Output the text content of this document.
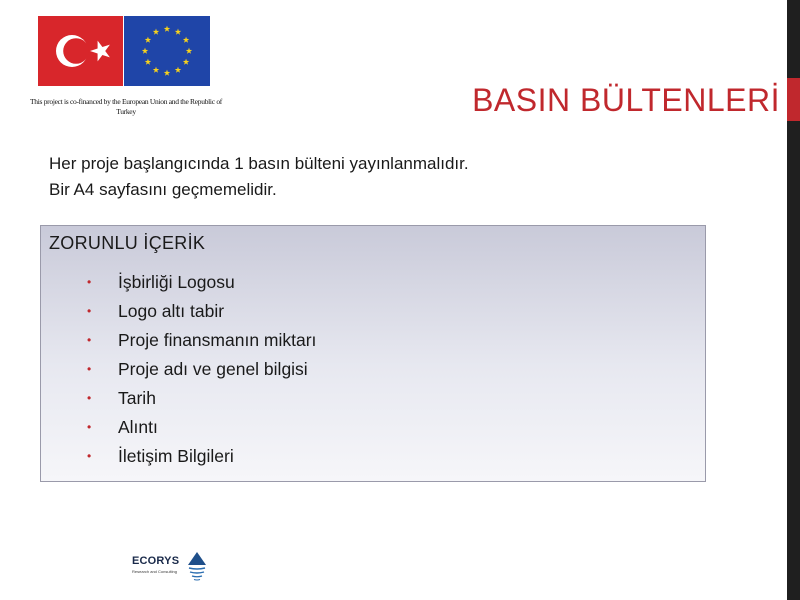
This project is co-financed by the European Union and the Republic of Turkey	BASIN BÜLTENLERİ
Her proje başlangıcında 1 basın bülteni yayınlanmalıdır.
Bir A4 sayfasını geçmemelidir.
ZORUNLU İÇERİK
• İşbirliği Logosu
• Logo altı tabir
• Proje finansmanın miktarı
• Proje adı ve genel bilgisi
• Tarih
• Alıntı
• İletişim Bilgileri
ECORYS
Research and Consulting
